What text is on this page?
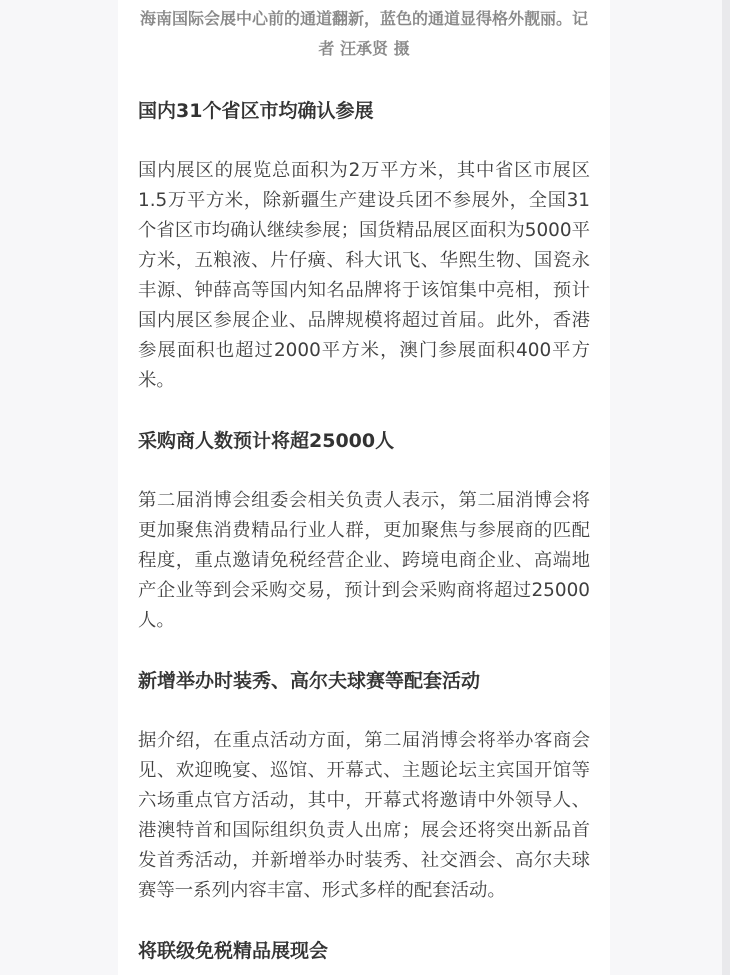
海南国际会展中心前的通道翻新，蓝色的通道显得格外靓丽。记者 汪承贤 摄

国内31个省区市均确认参展

国内展区的展览总面积为2万平方米，其中省区市展区1.5万平方米，除新疆生产建设兵团不参展外，全国31个省区市均确认继续参展；国货精品展区面积为5000平方米，五粮液、片仔癀、科大讯飞、华熙生物、国瓷永丰源、钟薛高等国内知名品牌将于该馆集中亮相，预计国内展区参展企业、品牌规模将超过首届。此外，香港参展面积也超过2000平方米，澳门参展面积400平方米。

采购商人数预计将超25000人

第二届消博会组委会相关负责人表示，第二届消博会将更加聚焦消费精品行业人群，更加聚焦与参展商的匹配程度，重点邀请免税经营企业、跨境电商企业、高端地产企业等到会采购交易，预计到会采购商将超过25000人。

新增举办时装秀、高尔夫球赛等配套活动

据介绍，在重点活动方面，第二届消博会将举办客商会见、欢迎晚宴、巡馆、开幕式、主题论坛主宾国开馆等六场重点官方活动，其中，开幕式将邀请中外领导人、港澳特首和国际组织负责人出席；展会还将突出新品首发首秀活动，并新增举办时装秀、社交酒会、高尔夫球赛等一系列内容丰富、形式多样的配套活动。

将联级免税精品展现会
